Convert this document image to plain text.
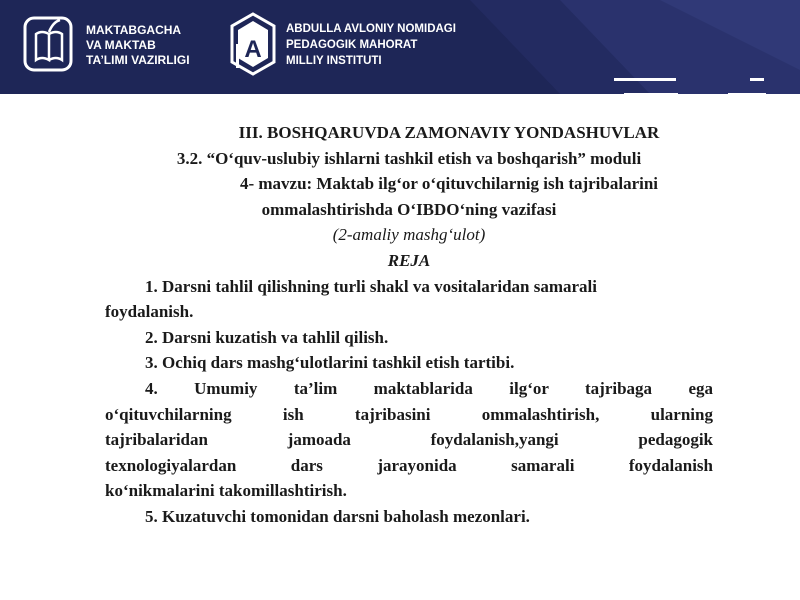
MAKTABGACHA
VA MAKTAB
TA’LIMI VAZIRLIGI A
ABDULLA AVLONIY NOMIDAGI
PEDAGOGIK MAHORAT
MILLIY INSTITUTI
III. BOSHQARUVDA ZAMONAVIY YONDASHUVLAR
3.2. “O‘quv-uslubiy ishlarni tashkil etish va boshqarish” moduli
4- mavzu: Maktab ilg‘or o‘qituvchilarnig ish tajribalarini
ommalashtirishda O‘IBDO‘ning vazifasi
(2-amaliy mashg‘ulot)
REJA
1. Darsni tahlil qilishning turli shakl va vositalaridan samarali
foydalanish.
2. Darsni kuzatish va tahlil qilish.
3. Ochiq dars mashg‘ulotlarini tashkil etish tartibi.
4. Umumiy ta’lim maktablarida ilg‘or tajribaga ega
o‘qituvchilarning ish tajribasini ommalashtirish, ularning
tajribalaridan jamoada foydalanish,yangi pedagogik
texnologiyalardan dars jarayonida samarali foydalanish
ko‘nikmalarini takomillashtirish.
5. Kuzatuvchi tomonidan darsni baholash mezonlari.
